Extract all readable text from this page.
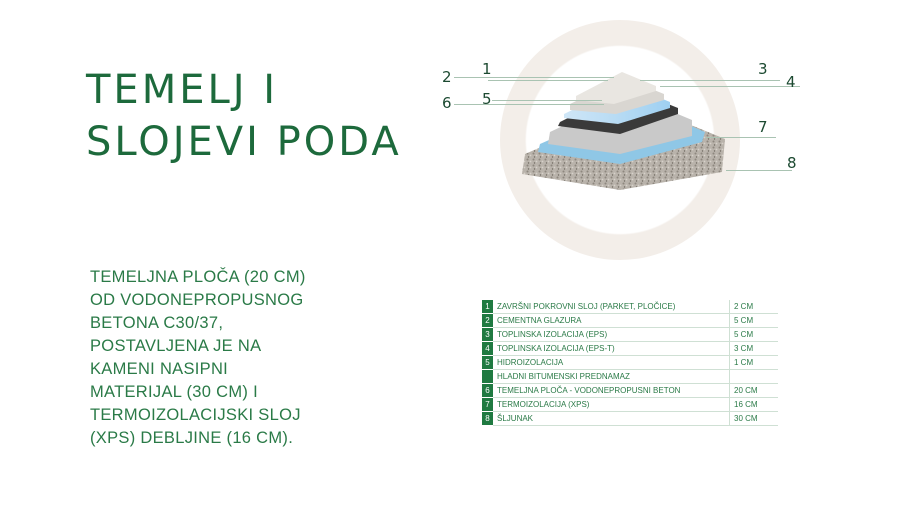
TEMELJ I
SLOJEVI PODA
TEMELJNA PLOČA (20 CM)
OD VODONEPROPUSNOG
BETONA C30/37,
POSTAVLJENA JE NA
KAMENI NASIPNI
MATERIJAL (30 CM) I
TERMOIZOLACIJSKI SLOJ
(XPS) DEBLJINE (16 CM).
1
2	3
4
5
6
7
8
1	ZAVRŠNI POKROVNI SLOJ (PARKET, PLOČICE)	2 CM
2	CEMENTNA GLAZURA	5 CM
3	TOPLINSKA IZOLACIJA (EPS)	5 CM
4	TOPLINSKA IZOLACIJA (EPS-T)	3 CM
5	HIDROIZOLACIJA	1 CM
	HLADNI BITUMENSKI PREDNAMAZ	
6	TEMELJNA PLOČA - VODONEPROPUSNI BETON	20 CM
7	TERMOIZOLACIJA (XPS)	16 CM
8	ŠLJUNAK	30 CM
